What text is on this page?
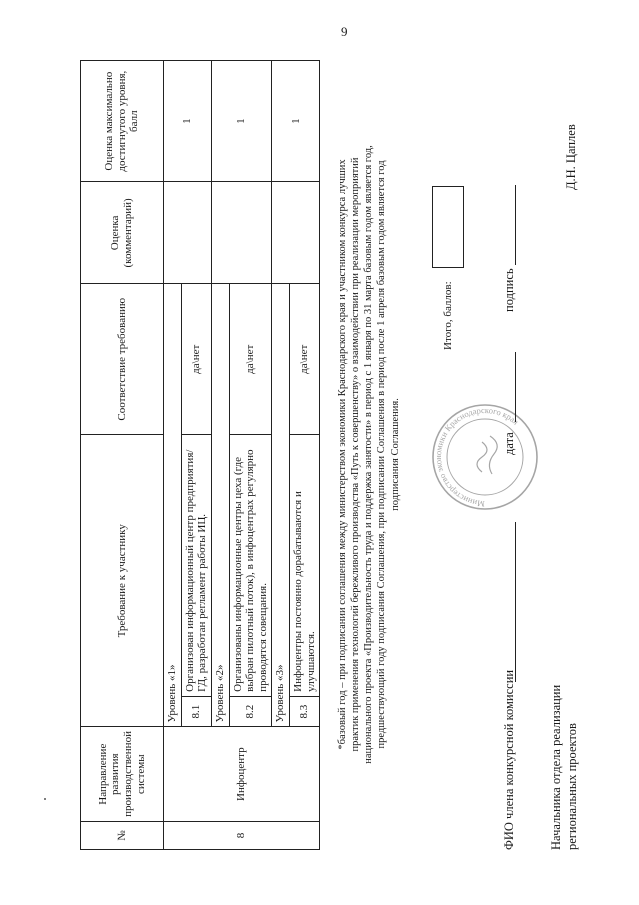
9
№	Направление развития производственной системы	Требование к участнику		Соответствие требованию	Оценка (комментарий)	Оценка максимально достигнутого уровня, балл
8	Инфоцентр	Уровень «1»				1
		8.1	Организован информационный центр предприятия/ГД, разработан регламент работы ИЦ.	да\нет		
		Уровень «2»				1
		8.2	Организованы информационные центры цеха (где выбран пилотный поток), в инфоцентрах регулярно проводятся совещания.	да\нет		
		Уровень «3»				1
		8.3	Инфоцентры постоянно дорабатываются и улучшаются.	да\нет			*базовый год – при подписании соглашения между министерством экономики Краснодарского края и участником конкурса лучших практик применения технологий бережливого производства «Путь к совершенству» о взаимодействии при реализации мероприятий национального проекта «Производительность труда и поддержка занятости» в период с 1 января по 31 марта базовым годом является год, предшествующий году подписания Соглашения, при подписании Соглашения в период после 1 апреля базовым годом является год подписания Соглашения.

Итого, баллов:
Министерство экономики Краснодарского края
ФИО члена конкурсной комиссии
дата
подпись
Начальника отдела реализации региональных проектов
Д.Н. Цаплев
